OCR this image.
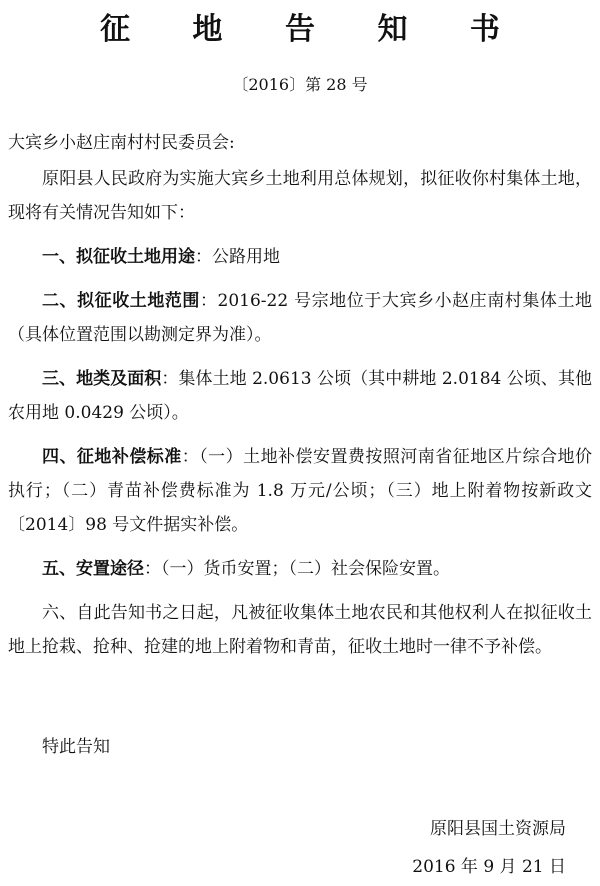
征 地 告 知 书
〔2016〕第 28 号
大宾乡小赵庄南村村民委员会:

原阳县人民政府为实施大宾乡土地利用总体规划，拟征收你村集体土地，现将有关情况告知如下：

一、拟征收土地用途：公路用地

二、拟征收土地范围：2016-22 号宗地位于大宾乡小赵庄南村集体土地（具体位置范围以勘测定界为准）。

三、地类及面积：集体土地 2.0613 公顷（其中耕地 2.0184 公顷、其他农用地 0.0429 公顷）。

四、征地补偿标准：（一）土地补偿安置费按照河南省征地区片综合地价执行；（二）青苗补偿费标准为 1.8 万元/公顷；（三）地上附着物按新政文〔2014〕98 号文件据实补偿。

五、安置途径：（一）货币安置；（二）社会保险安置。

六、自此告知书之日起，凡被征收集体土地农民和其他权利人在拟征收土地上抢栽、抢种、抢建的地上附着物和青苗，征收土地时一律不予补偿。

特此告知
原阳县国土资源局
2016 年 9 月 21 日
